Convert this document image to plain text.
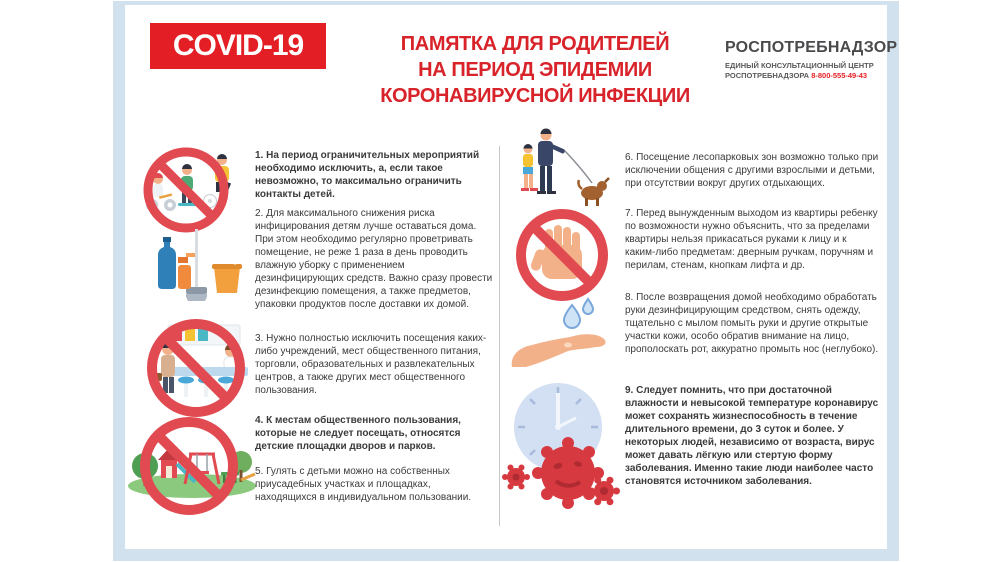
COVID-19	ПАМЯТКА ДЛЯ РОДИТЕЛЕЙ
НА ПЕРИОД ЭПИДЕМИИ
КОРОНАВИРУСНОЙ ИНФЕКЦИИ
РОСПОТРЕБНАДЗОР
ЕДИНЫЙ КОНСУЛЬТАЦИОННЫЙ ЦЕНТР
РОСПОТРЕБНАДЗОРА 8-800-555-49-43

1. На период ограничительных мероприятий необходимо исключить, а, если такое невозможно, то максимально ограничить контакты детей.

2. Для максимального снижения риска инфицирования детям лучше оставаться дома. При этом необходимо регулярно проветривать помещение, не реже 1 раза в день проводить влажную уборку с применением дезинфицирующих средств. Важно сразу провести дезинфекцию помещения, а также предметов, упаковки продуктов после доставки их домой.

3. Нужно полностью исключить посещения каких-либо учреждений, мест общественного питания, торговли, образовательных и развлекательных центров, а также других мест общественного пользования.

4. К местам общественного пользования, которые не следует посещать, относятся детские площадки дворов и парков.

5. Гулять с детьми можно на собственных приусадебных участках и площадках, находящихся в индивидуальном пользовании.

6. Посещение лесопарковых зон возможно только при исключении общения с другими взрослыми и детьми, при отсутствии вокруг других отдыхающих.

7. Перед вынужденным выходом из квартиры ребенку по возможности нужно объяснить, что за пределами квартиры нельзя прикасаться руками к лицу и к каким-либо предметам: дверным ручкам, поручням и перилам, стенам, кнопкам лифта и др.

8. После возвращения домой необходимо обработать руки дезинфицирующим средством, снять одежду, тщательно с мылом помыть руки и другие открытые участки кожи, особо обратив внимание на лицо, прополоскать рот, аккуратно промыть нос (неглубоко).

9. Следует помнить, что при достаточной влажности и невысокой температуре коронавирус может сохранять жизнеспособность в течение длительного времени, до 3 суток и более. У некоторых людей, независимо от возраста, вирус может давать лёгкую или стертую форму заболевания. Именно такие люди наиболее часто становятся источником заболевания.
